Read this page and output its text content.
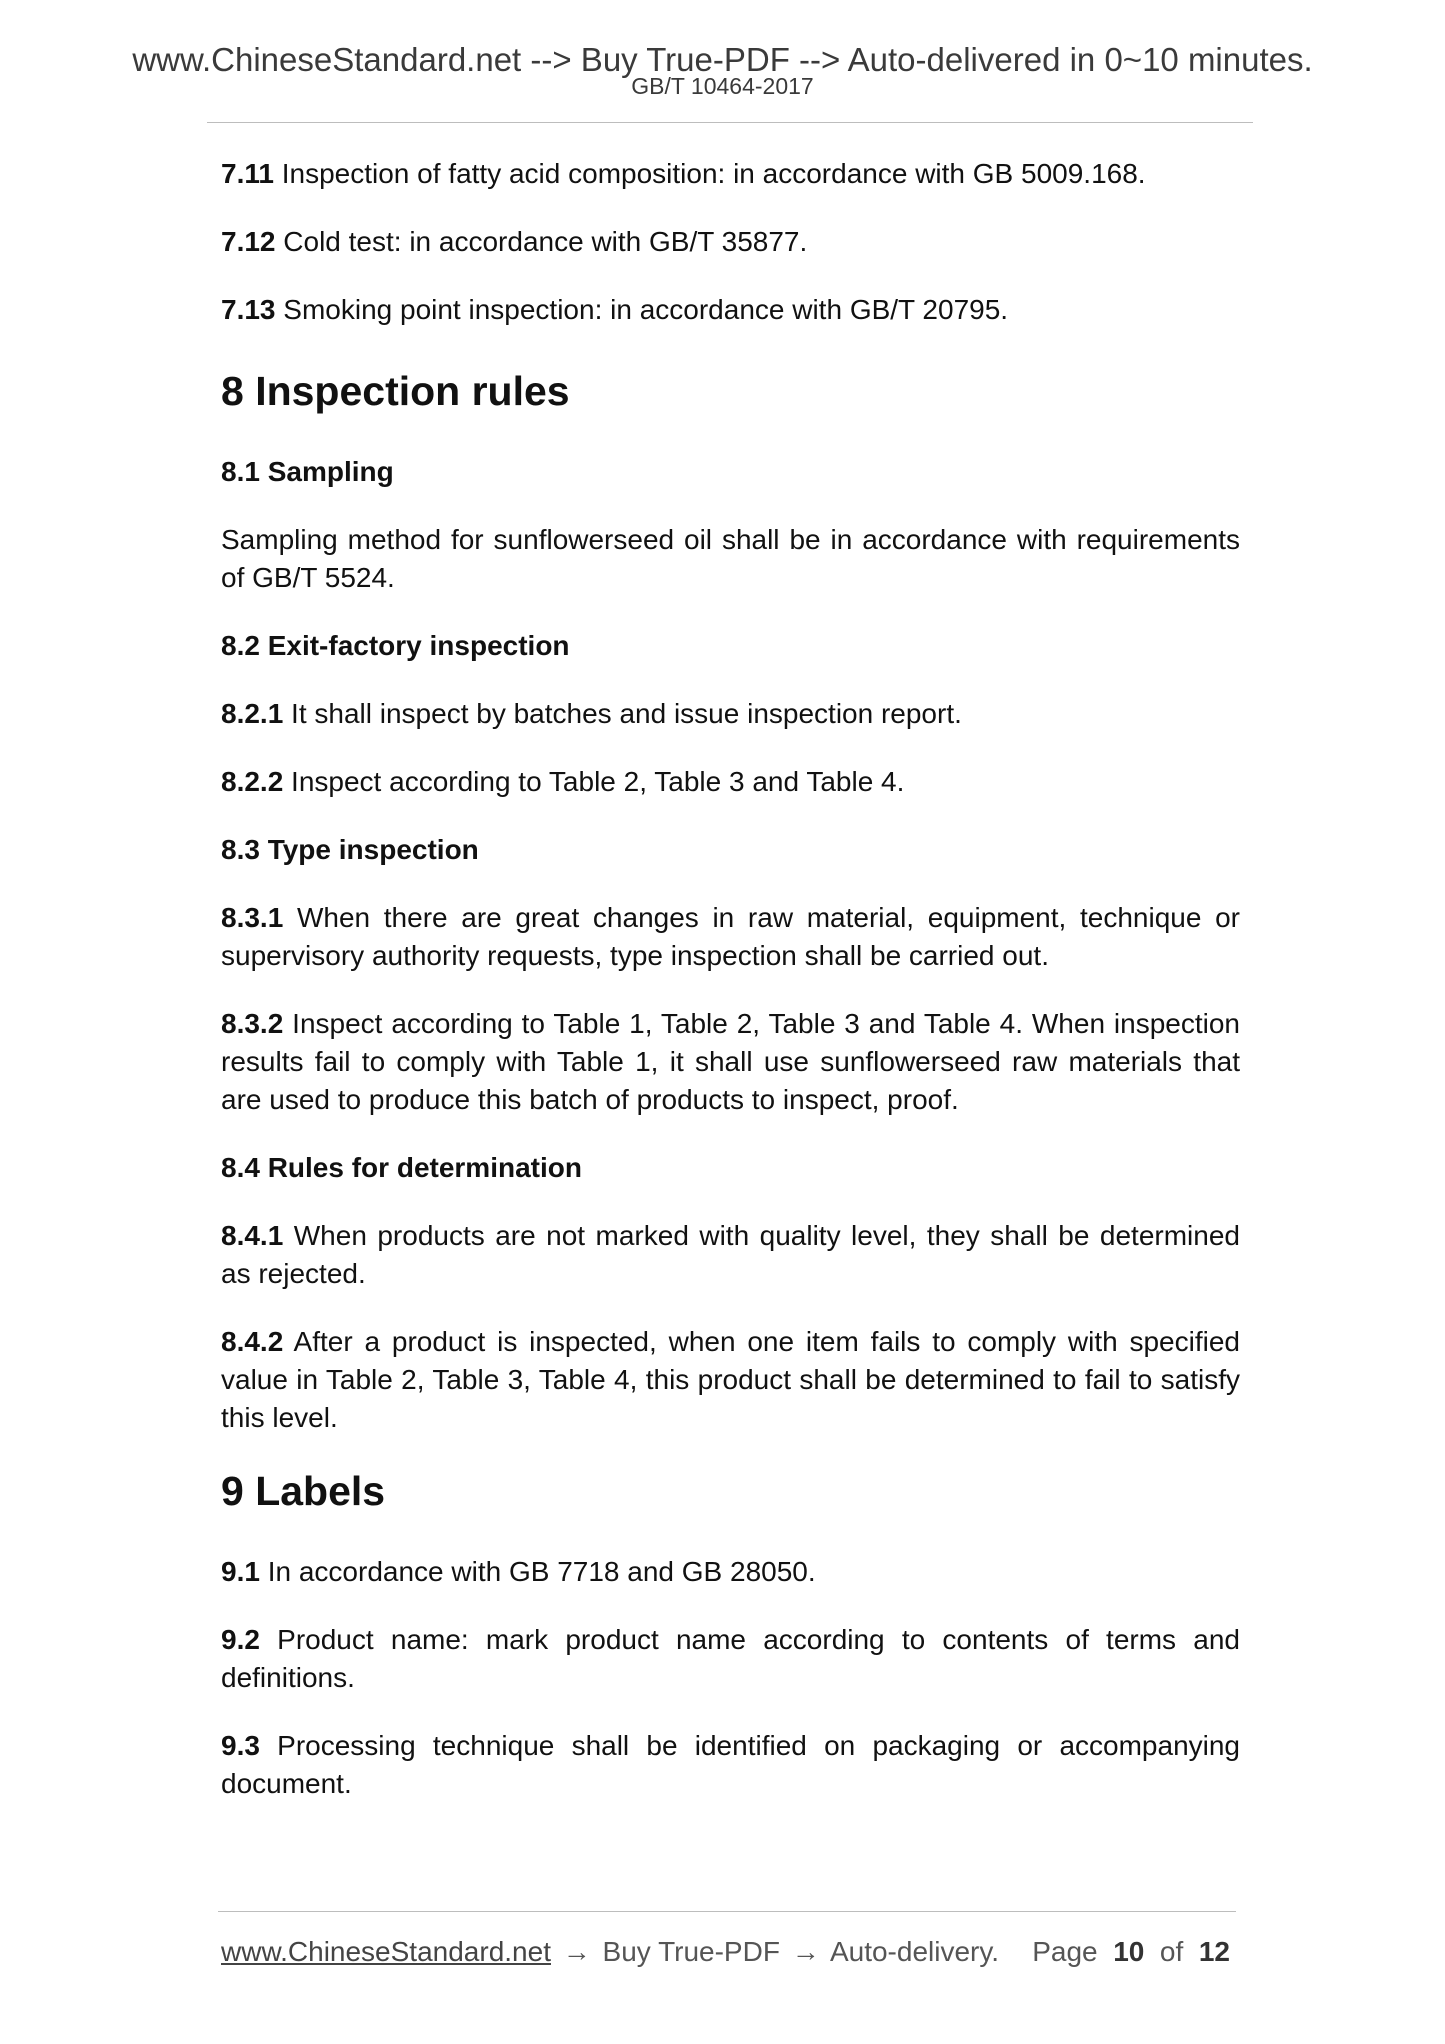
www.ChineseStandard.net --> Buy True-PDF --> Auto-delivered in 0~10 minutes.
GB/T 10464-2017

7.11 Inspection of fatty acid composition: in accordance with GB 5009.168.

7.12 Cold test: in accordance with GB/T 35877.

7.13 Smoking point inspection: in accordance with GB/T 20795.

8 Inspection rules
8.1 Sampling

Sampling method for sunflowerseed oil shall be in accordance with requirements of GB/T 5524.

8.2 Exit-factory inspection

8.2.1 It shall inspect by batches and issue inspection report.

8.2.2 Inspect according to Table 2, Table 3 and Table 4.

8.3 Type inspection

8.3.1 When there are great changes in raw material, equipment, technique or supervisory authority requests, type inspection shall be carried out.

8.3.2 Inspect according to Table 1, Table 2, Table 3 and Table 4. When inspection results fail to comply with Table 1, it shall use sunflowerseed raw materials that are used to produce this batch of products to inspect, proof.

8.4 Rules for determination

8.4.1 When products are not marked with quality level, they shall be determined as rejected.

8.4.2 After a product is inspected, when one item fails to comply with specified value in Table 2, Table 3, Table 4, this product shall be determined to fail to satisfy this level.

9 Labels

9.1 In accordance with GB 7718 and GB 28050.

9.2 Product name: mark product name according to contents of terms and definitions.

9.3 Processing technique shall be identified on packaging or accompanying document.

www.ChineseStandard.net → Buy True-PDF → Auto-delivery. Page 10 of 12
